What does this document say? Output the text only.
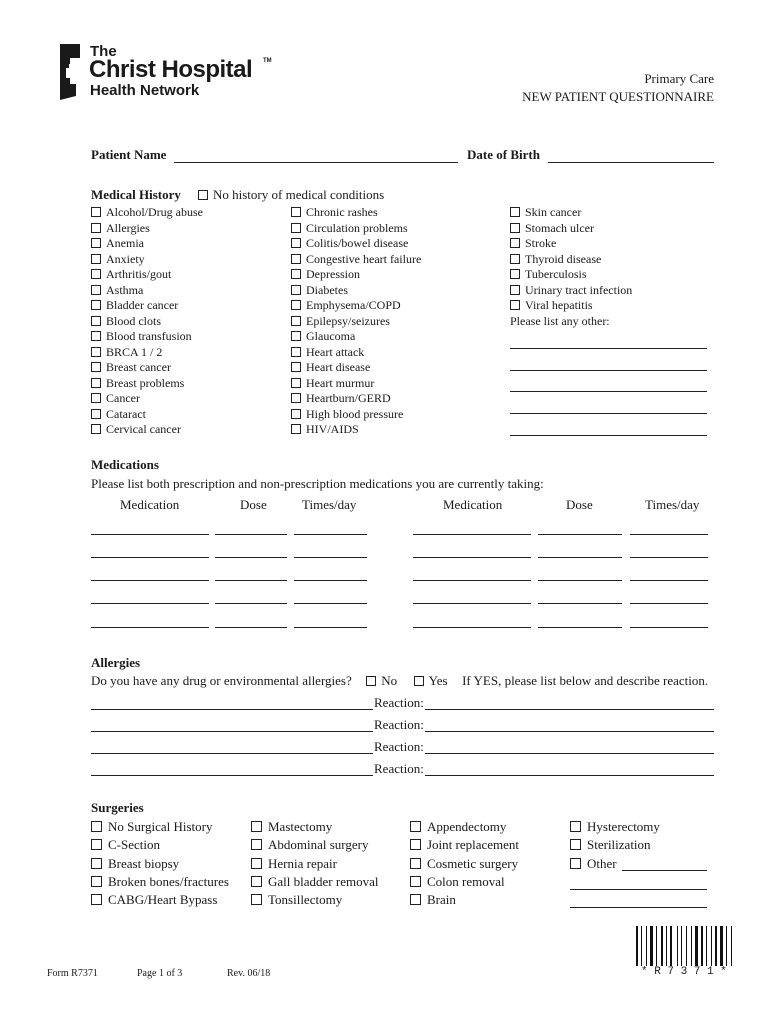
The
Christ Hospital TM
Health Network
Primary Care
NEW PATIENT QUESTIONNAIRE
Patient Name	Date of Birth
Medical History	No history of medical conditions
Alcohol/Drug abuse
Allergies
Anemia
Anxiety
Arthritis/gout
Asthma
Bladder cancer
Blood clots
Blood transfusion
BRCA 1 / 2
Breast cancer
Breast problems
Cancer
Cataract
Cervical cancer
Chronic rashes
Circulation problems
Colitis/bowel disease
Congestive heart failure
Depression
Diabetes
Emphysema/COPD
Epilepsy/seizures
Glaucoma
Heart attack
Heart disease
Heart murmur
Heartburn/GERD
High blood pressure
HIV/AIDS
Skin cancer
Stomach ulcer
Stroke
Thyroid disease
Tuberculosis
Urinary tract infection
Viral hepatitis
Please list any other:
Medications
Please list both prescription and non-prescription medications you are currently taking:
Medication	Dose	Times/day	Medication	Dose	Times/day
Allergies
Do you have any drug or environmental allergies? No Yes If YES, please list below and describe reaction.
Reaction:
Reaction:
Reaction:
Reaction:
Surgeries
No Surgical History
C-Section
Breast biopsy
Broken bones/fractures
CABG/Heart Bypass
Mastectomy
Abdominal surgery
Hernia repair
Gall bladder removal
Tonsillectomy
Appendectomy
Joint replacement
Cosmetic surgery
Colon removal
Brain
Hysterectomy
Sterilization
Other
* R 7 3 7 1 *
Form R7371	Page 1 of 3	Rev. 06/18
